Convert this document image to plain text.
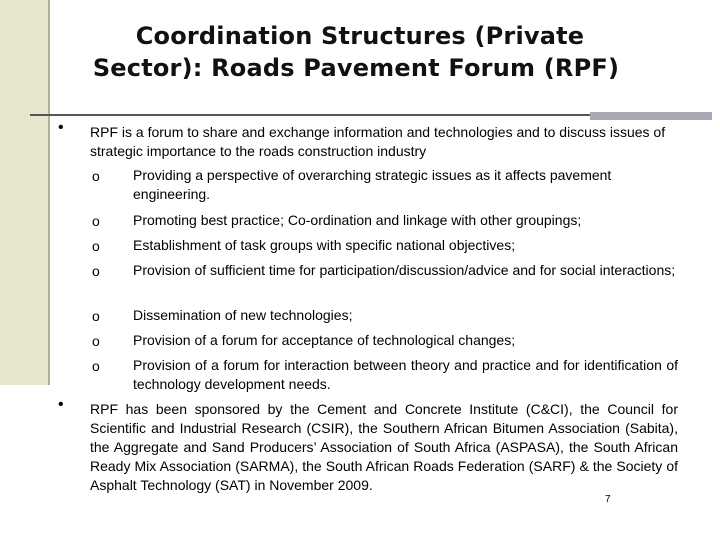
Coordination Structures (Private

Sector): Roads Pavement Forum (RPF)
• RPF is a forum to share and exchange information and technologies and to discuss issues of strategic importance to the roads construction industry
o Providing a perspective of overarching strategic issues as it affects pavement engineering.
o Promoting best practice; Co-ordination and linkage with other groupings;
o Establishment of task groups with specific national objectives;
o Provision of sufficient time for participation/discussion/advice and for social interactions;
o Dissemination of new technologies;
o Provision of a forum for acceptance of technological changes;
o Provision of a forum for interaction between theory and practice and for identification of technology development needs.
• RPF has been sponsored by the Cement and Concrete Institute (C&CI), the Council for Scientific and Industrial Research (CSIR), the Southern African Bitumen Association (Sabita), the Aggregate and Sand Producers’ Association of South Africa (ASPASA), the South African Ready Mix Association (SARMA), the South African Roads Federation (SARF) & the Society of Asphalt Technology (SAT) in November 2009.
7
